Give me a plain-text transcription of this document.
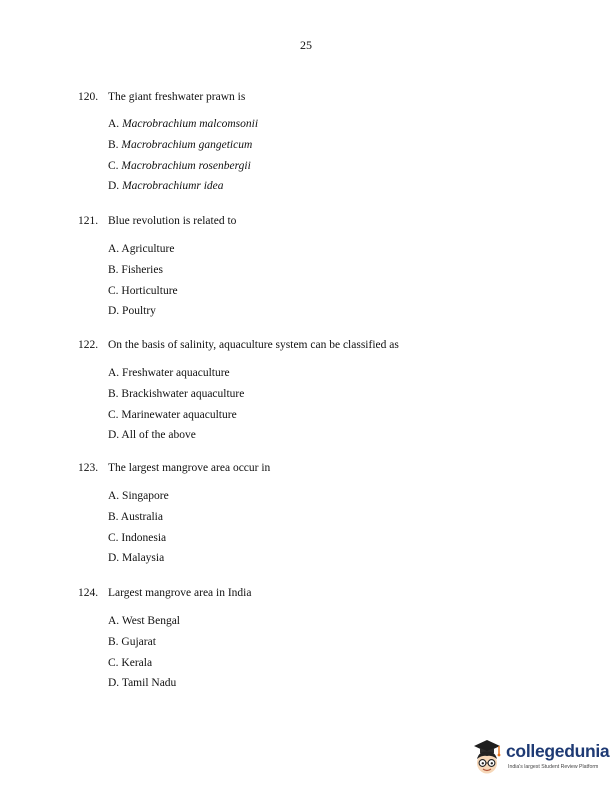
25
120. The giant freshwater prawn is
A. Macrobrachium malcomsonii
B. Macrobrachium gangeticum
C. Macrobrachium rosenbergii
D. Macrobrachiumr idea
121. Blue revolution is related to
A. Agriculture
B. Fisheries
C. Horticulture
D. Poultry
122. On the basis of salinity, aquaculture system can be classified as
A. Freshwater aquaculture
B. Brackishwater aquaculture
C. Marinewater aquaculture
D. All of the above
123. The largest mangrove area occur in
A. Singapore
B. Australia
C. Indonesia
D. Malaysia
124. Largest mangrove area in India
A. West Bengal
B. Gujarat
C. Kerala
D. Tamil Nadu
collegedunia
India's largest Student Review Platform
